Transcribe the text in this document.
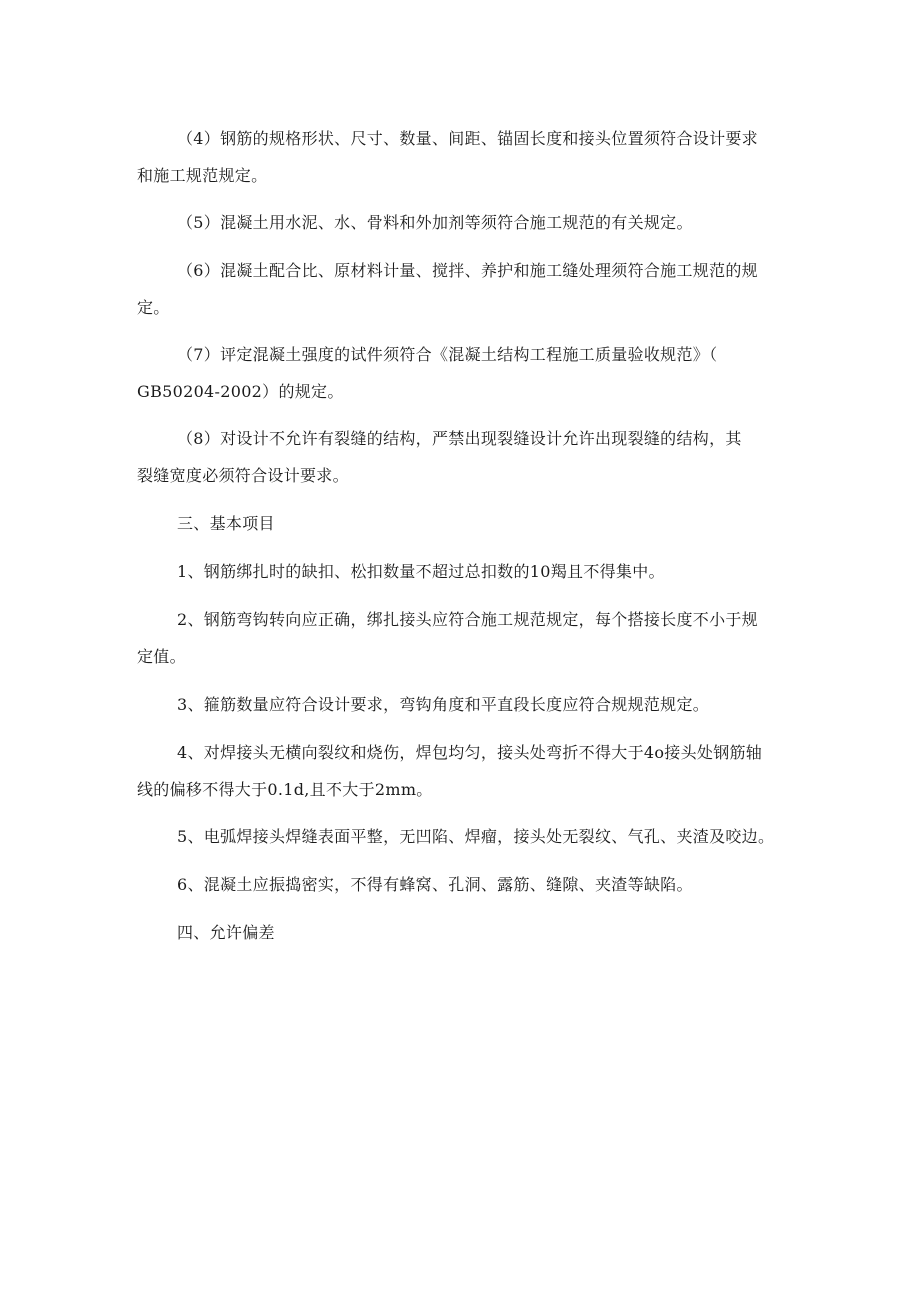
（4）钢筋的规格形状、尺寸、数量、间距、锚固长度和接头位置须符合设计要求
和施工规范规定。
（5）混凝土用水泥、水、骨料和外加剂等须符合施工规范的有关规定。
（6）混凝土配合比、原材料计量、搅拌、养护和施工缝处理须符合施工规范的规
定。
（7）评定混凝土强度的试件须符合《混凝土结构工程施工质量验收规范》（
GB50204-2002）的规定。
（8）对设计不允许有裂缝的结构，严禁出现裂缝设计允许出现裂缝的结构，其
裂缝宽度必须符合设计要求。
三、基本项目
1、钢筋绑扎时的缺扣、松扣数量不超过总扣数的10羯且不得集中。
2、钢筋弯钩转向应正确，绑扎接头应符合施工规范规定，每个搭接长度不小于规
定值。
3、箍筋数量应符合设计要求，弯钩角度和平直段长度应符合规规范规定。
4、对焊接头无横向裂纹和烧伤，焊包均匀，接头处弯折不得大于4o接头处钢筋轴
线的偏移不得大于0.1d,且不大于2mm。
5、电弧焊接头焊缝表面平整，无凹陷、焊瘤，接头处无裂纹、气孔、夹渣及咬边。
6、混凝土应振捣密实，不得有蜂窝、孔洞、露筋、缝隙、夹渣等缺陷。
四、允许偏差
